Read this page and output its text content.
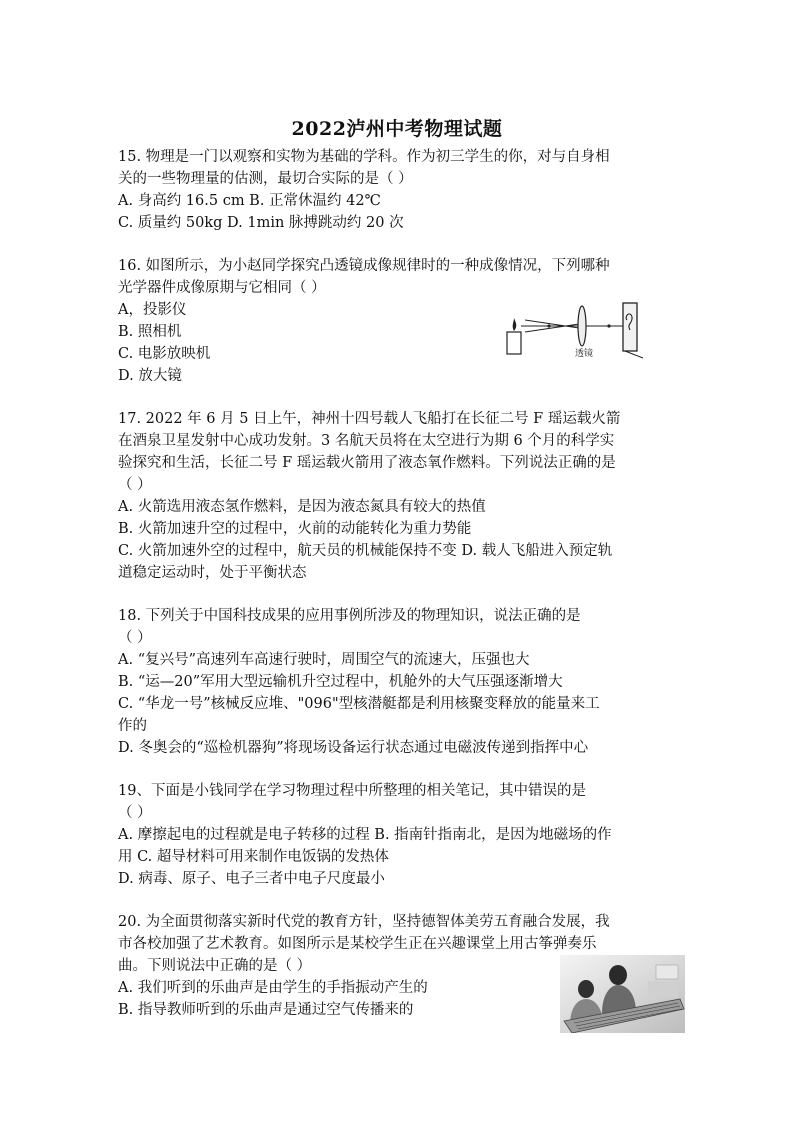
2022泸州中考物理试题
15. 物理是一门以观察和实物为基础的学科。作为初三学生的你，对与自身相
关的一些物理量的估测，最切合实际的是（ ）
A. 身高约 16.5 cm B. 正常休温约 42℃
C. 质量约 50kg D. 1min 脉搏跳动约 20 次
16. 如图所示，为小赵同学探究凸透镜成像规律时的一种成像情况，下列哪种
光学器件成像原期与它相同（ ）
A，投影仪
B. 照相机
C. 电影放映机
D. 放大镜
透镜
17. 2022 年 6 月 5 日上午，神州十四号载人飞船打在长征二号 F 瑶运载火箭
在酒泉卫星发射中心成功发射。3 名航天员将在太空进行为期 6 个月的科学实
验探究和生活，长征二号 F 瑶运载火箭用了液态氧作燃料。下列说法正确的是
（ ）
A. 火箭选用液态氢作燃料，是因为液态氮具有较大的热值
B. 火箭加速升空的过程中，火前的动能转化为重力势能
C. 火箭加速外空的过程中，航天员的机械能保持不变 D. 载人飞船进入预定轨
道稳定运动时，处于平衡状态
18. 下列关于中国科技成果的应用事例所涉及的物理知识，说法正确的是
（ ）
A. “复兴号”高速列车高速行驶时，周围空气的流速大，压强也大
B. “运—20”军用大型远输机升空过程中，机舱外的大气压强逐渐增大
C. “华龙一号”核械反应堆、"096"型核潜艇都是利用核聚变释放的能量来工
作的
D. 冬奥会的“巡检机器狗”将现场设备运行状态通过电磁波传递到指挥中心
19、下面是小钱同学在学习物理过程中所整理的相关笔记，其中错误的是
（ ）
A. 摩擦起电的过程就是电子转移的过程 B. 指南针指南北，是因为地磁场的作
用 C. 超导材料可用来制作电饭锅的发热体
D. 病毒、原子、电子三者中电子尺度最小
20. 为全面贯彻落实新时代党的教育方针，坚持德智体美劳五育融合发展，我
市各校加强了艺术教育。如图所示是某校学生正在兴趣课堂上用古筝弹奏乐
曲。下则说法中正确的是（ ）
A. 我们听到的乐曲声是由学生的手指振动产生的
B. 指导教师听到的乐曲声是通过空气传播来的
